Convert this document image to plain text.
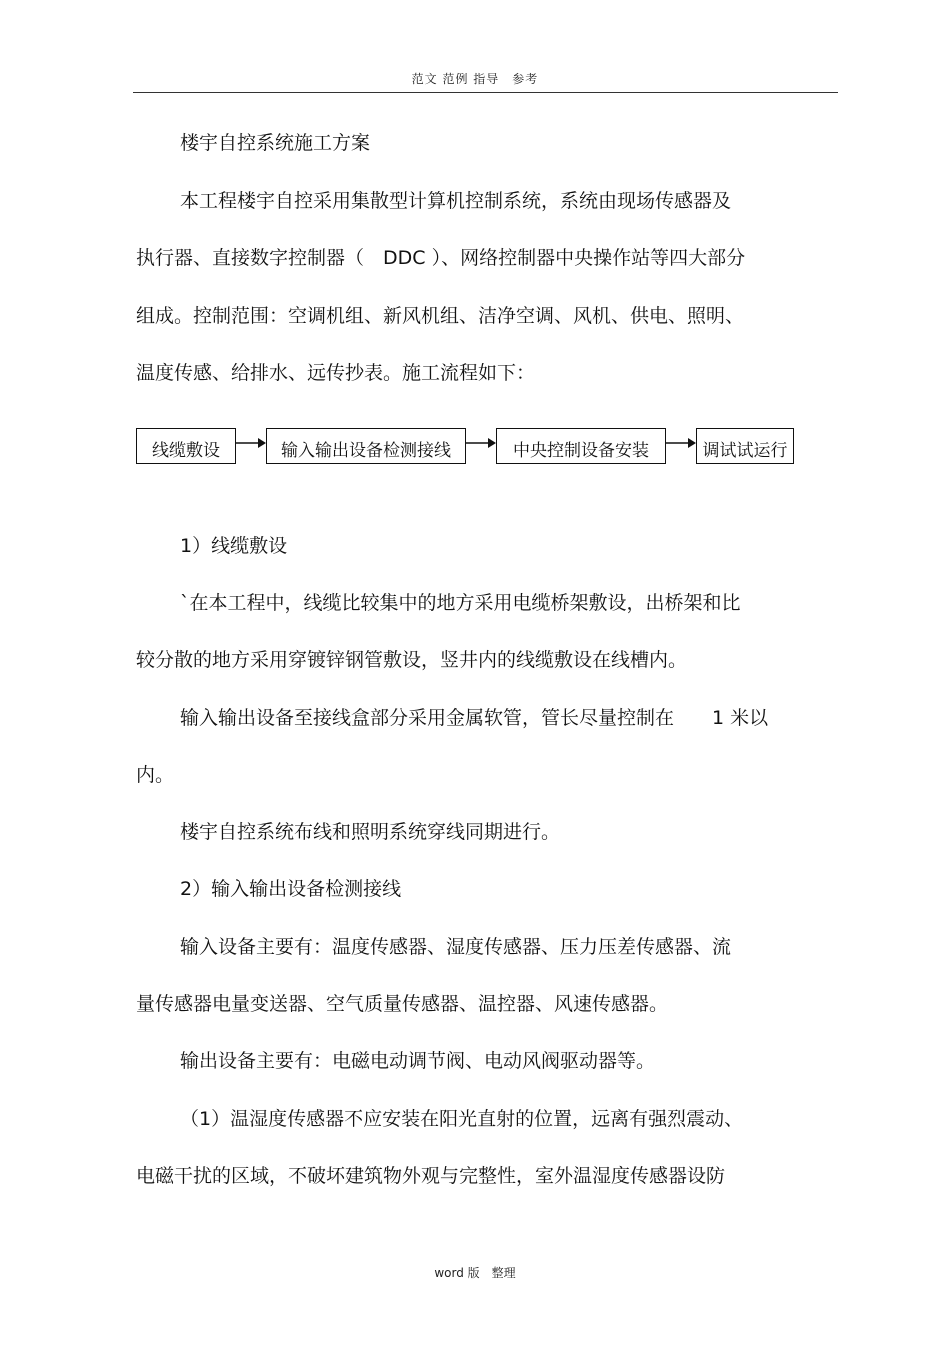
范文 范例 指导　参考
楼宇自控系统施工方案
本工程楼宇自控采用集散型计算机控制系统，系统由现场传感器及
执行器、直接数字控制器（　DDC ）、网络控制器中央操作站等四大部分
组成。控制范围：空调机组、新风机组、洁净空调、风机、供电、照明、
温度传感、给排水、远传抄表。施工流程如下：
线缆敷设	输入输出设备检测接线	中央控制设备安装	调试试运行
1）线缆敷设
`在本工程中，线缆比较集中的地方采用电缆桥架敷设，出桥架和比
较分散的地方采用穿镀锌钢管敷设，竖井内的线缆敷设在线槽内。
输入输出设备至接线盒部分采用金属软管，管长尽量控制在　　1 米以
内。
楼宇自控系统布线和照明系统穿线同期进行。
2）输入输出设备检测接线
输入设备主要有：温度传感器、湿度传感器、压力压差传感器、流
量传感器电量变送器、空气质量传感器、温控器、风速传感器。
输出设备主要有：电磁电动调节阀、电动风阀驱动器等。
（1）温湿度传感器不应安装在阳光直射的位置，远离有强烈震动、
电磁干扰的区域，不破坏建筑物外观与完整性，室外温湿度传感器设防
word 版　整理
